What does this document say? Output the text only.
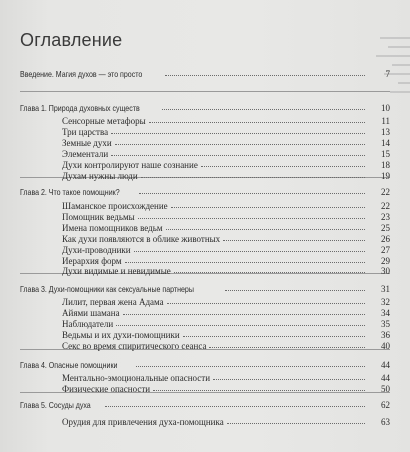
Оглавление
Введение. Магия духов — это просто	7
Глава 1. Природа духовных существ	10
Сенсорные метафоры	11
Три царства	13
Земные духи	14
Элементали	15
Духи контролируют наше сознание	18
Духам нужны люди	19
Глава 2. Что такое помощник?	22
Шаманское происхождение	22
Помощник ведьмы	23
Имена помощников ведьм	25
Как духи появляются в облике животных	26
Духи-проводники	27
Иерархия форм	29
Духи видимые и невидимые	30
Глава 3. Духи-помощники как сексуальные партнеры	31
Лилит, первая жена Адама	32
Айями шамана	34
Наблюдатели	35
Ведьмы и их духи-помощники	36
Секс во время спиритического сеанса	40
Глава 4. Опасные помощники	44
Ментально-эмоциональные опасности	44
Физические опасности	50
Глава 5. Сосуды духа	62
Орудия для привлечения духа-помощника	63
